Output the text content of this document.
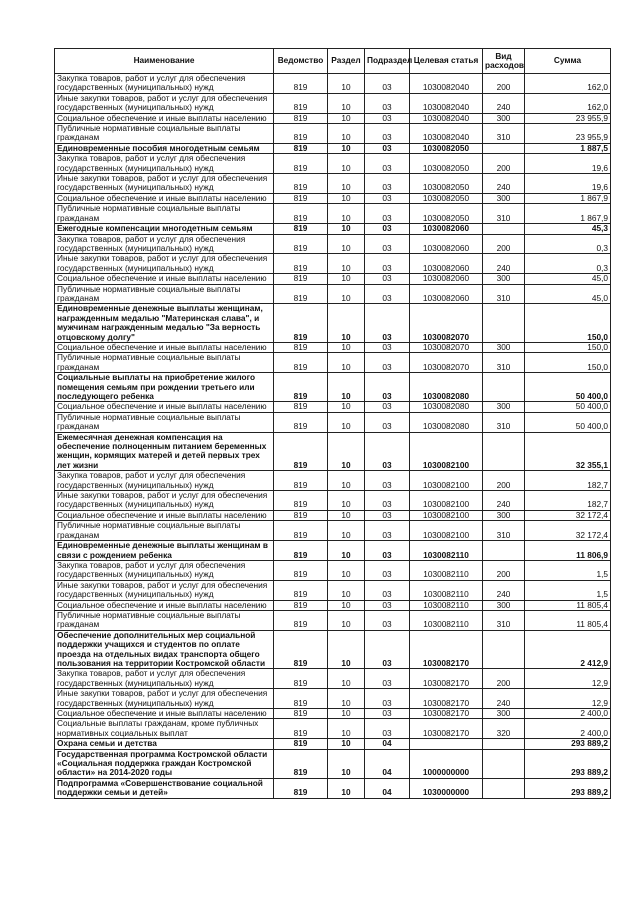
Наименование	Ведомство	Раздел	Подраздел	Целевая статья	Вид расходов	Сумма
Закупка товаров, работ и услуг для обеспечения государственных (муниципальных) нужд	819	10	03	1030082040	200	162,0
Иные закупки товаров, работ и услуг для обеспечения государственных (муниципальных) нужд	819	10	03	1030082040	240	162,0
Социальное обеспечение и иные выплаты населению	819	10	03	1030082040	300	23 955,9
Публичные нормативные социальные выплаты гражданам	819	10	03	1030082040	310	23 955,9
Единовременные пособия многодетным семьям	819	10	03	1030082050		1 887,5
Закупка товаров, работ и услуг для обеспечения государственных (муниципальных) нужд	819	10	03	1030082050	200	19,6
Иные закупки товаров, работ и услуг для обеспечения государственных (муниципальных) нужд	819	10	03	1030082050	240	19,6
Социальное обеспечение и иные выплаты населению	819	10	03	1030082050	300	1 867,9
Публичные нормативные социальные выплаты гражданам	819	10	03	1030082050	310	1 867,9
Ежегодные компенсации многодетным семьям	819	10	03	1030082060		45,3
Закупка товаров, работ и услуг для обеспечения государственных (муниципальных) нужд	819	10	03	1030082060	200	0,3
Иные закупки товаров, работ и услуг для обеспечения государственных (муниципальных) нужд	819	10	03	1030082060	240	0,3
Социальное обеспечение и иные выплаты населению	819	10	03	1030082060	300	45,0
Публичные нормативные социальные выплаты гражданам	819	10	03	1030082060	310	45,0
Единовременные денежные выплаты женщинам, награжденным медалью "Материнская слава", и мужчинам награжденным медалью "За верность отцовскому долгу"	819	10	03	1030082070		150,0
Социальное обеспечение и иные выплаты населению	819	10	03	1030082070	300	150,0
Публичные нормативные социальные выплаты гражданам	819	10	03	1030082070	310	150,0
Социальные выплаты на приобретение жилого помещения семьям при рождении третьего или последующего ребенка	819	10	03	1030082080		50 400,0
Социальное обеспечение и иные выплаты населению	819	10	03	1030082080	300	50 400,0
Публичные нормативные социальные выплаты гражданам	819	10	03	1030082080	310	50 400,0
Ежемесячная денежная компенсация на обеспечение полноценным питанием беременных женщин, кормящих матерей и детей первых трех лет жизни	819	10	03	1030082100		32 355,1
Закупка товаров, работ и услуг для обеспечения государственных (муниципальных) нужд	819	10	03	1030082100	200	182,7
Иные закупки товаров, работ и услуг для обеспечения государственных (муниципальных) нужд	819	10	03	1030082100	240	182,7
Социальное обеспечение и иные выплаты населению	819	10	03	1030082100	300	32 172,4
Публичные нормативные социальные выплаты гражданам	819	10	03	1030082100	310	32 172,4
Единовременные денежные выплаты женщинам в связи с рождением ребенка	819	10	03	1030082110		11 806,9
Закупка товаров, работ и услуг для обеспечения государственных (муниципальных) нужд	819	10	03	1030082110	200	1,5
Иные закупки товаров, работ и услуг для обеспечения государственных (муниципальных) нужд	819	10	03	1030082110	240	1,5
Социальное обеспечение и иные выплаты населению	819	10	03	1030082110	300	11 805,4
Публичные нормативные социальные выплаты гражданам	819	10	03	1030082110	310	11 805,4
Обеспечение дополнительных мер социальной поддержки учащихся и студентов по оплате проезда на отдельных видах транспорта общего пользования на территории Костромской области	819	10	03	1030082170		2 412,9
Закупка товаров, работ и услуг для обеспечения государственных (муниципальных) нужд	819	10	03	1030082170	200	12,9
Иные закупки товаров, работ и услуг для обеспечения государственных (муниципальных) нужд	819	10	03	1030082170	240	12,9
Социальное обеспечение и иные выплаты населению	819	10	03	1030082170	300	2 400,0
Социальные выплаты гражданам, кроме публичных нормативных социальных выплат	819	10	03	1030082170	320	2 400,0
Охрана семьи и детства	819	10	04			293 889,2
Государственная программа Костромской области «Социальная поддержка граждан Костромской области» на 2014-2020 годы	819	10	04	1000000000		293 889,2
Подпрограмма «Совершенствование социальной поддержки семьи и детей»	819	10	04	1030000000		293 889,2
